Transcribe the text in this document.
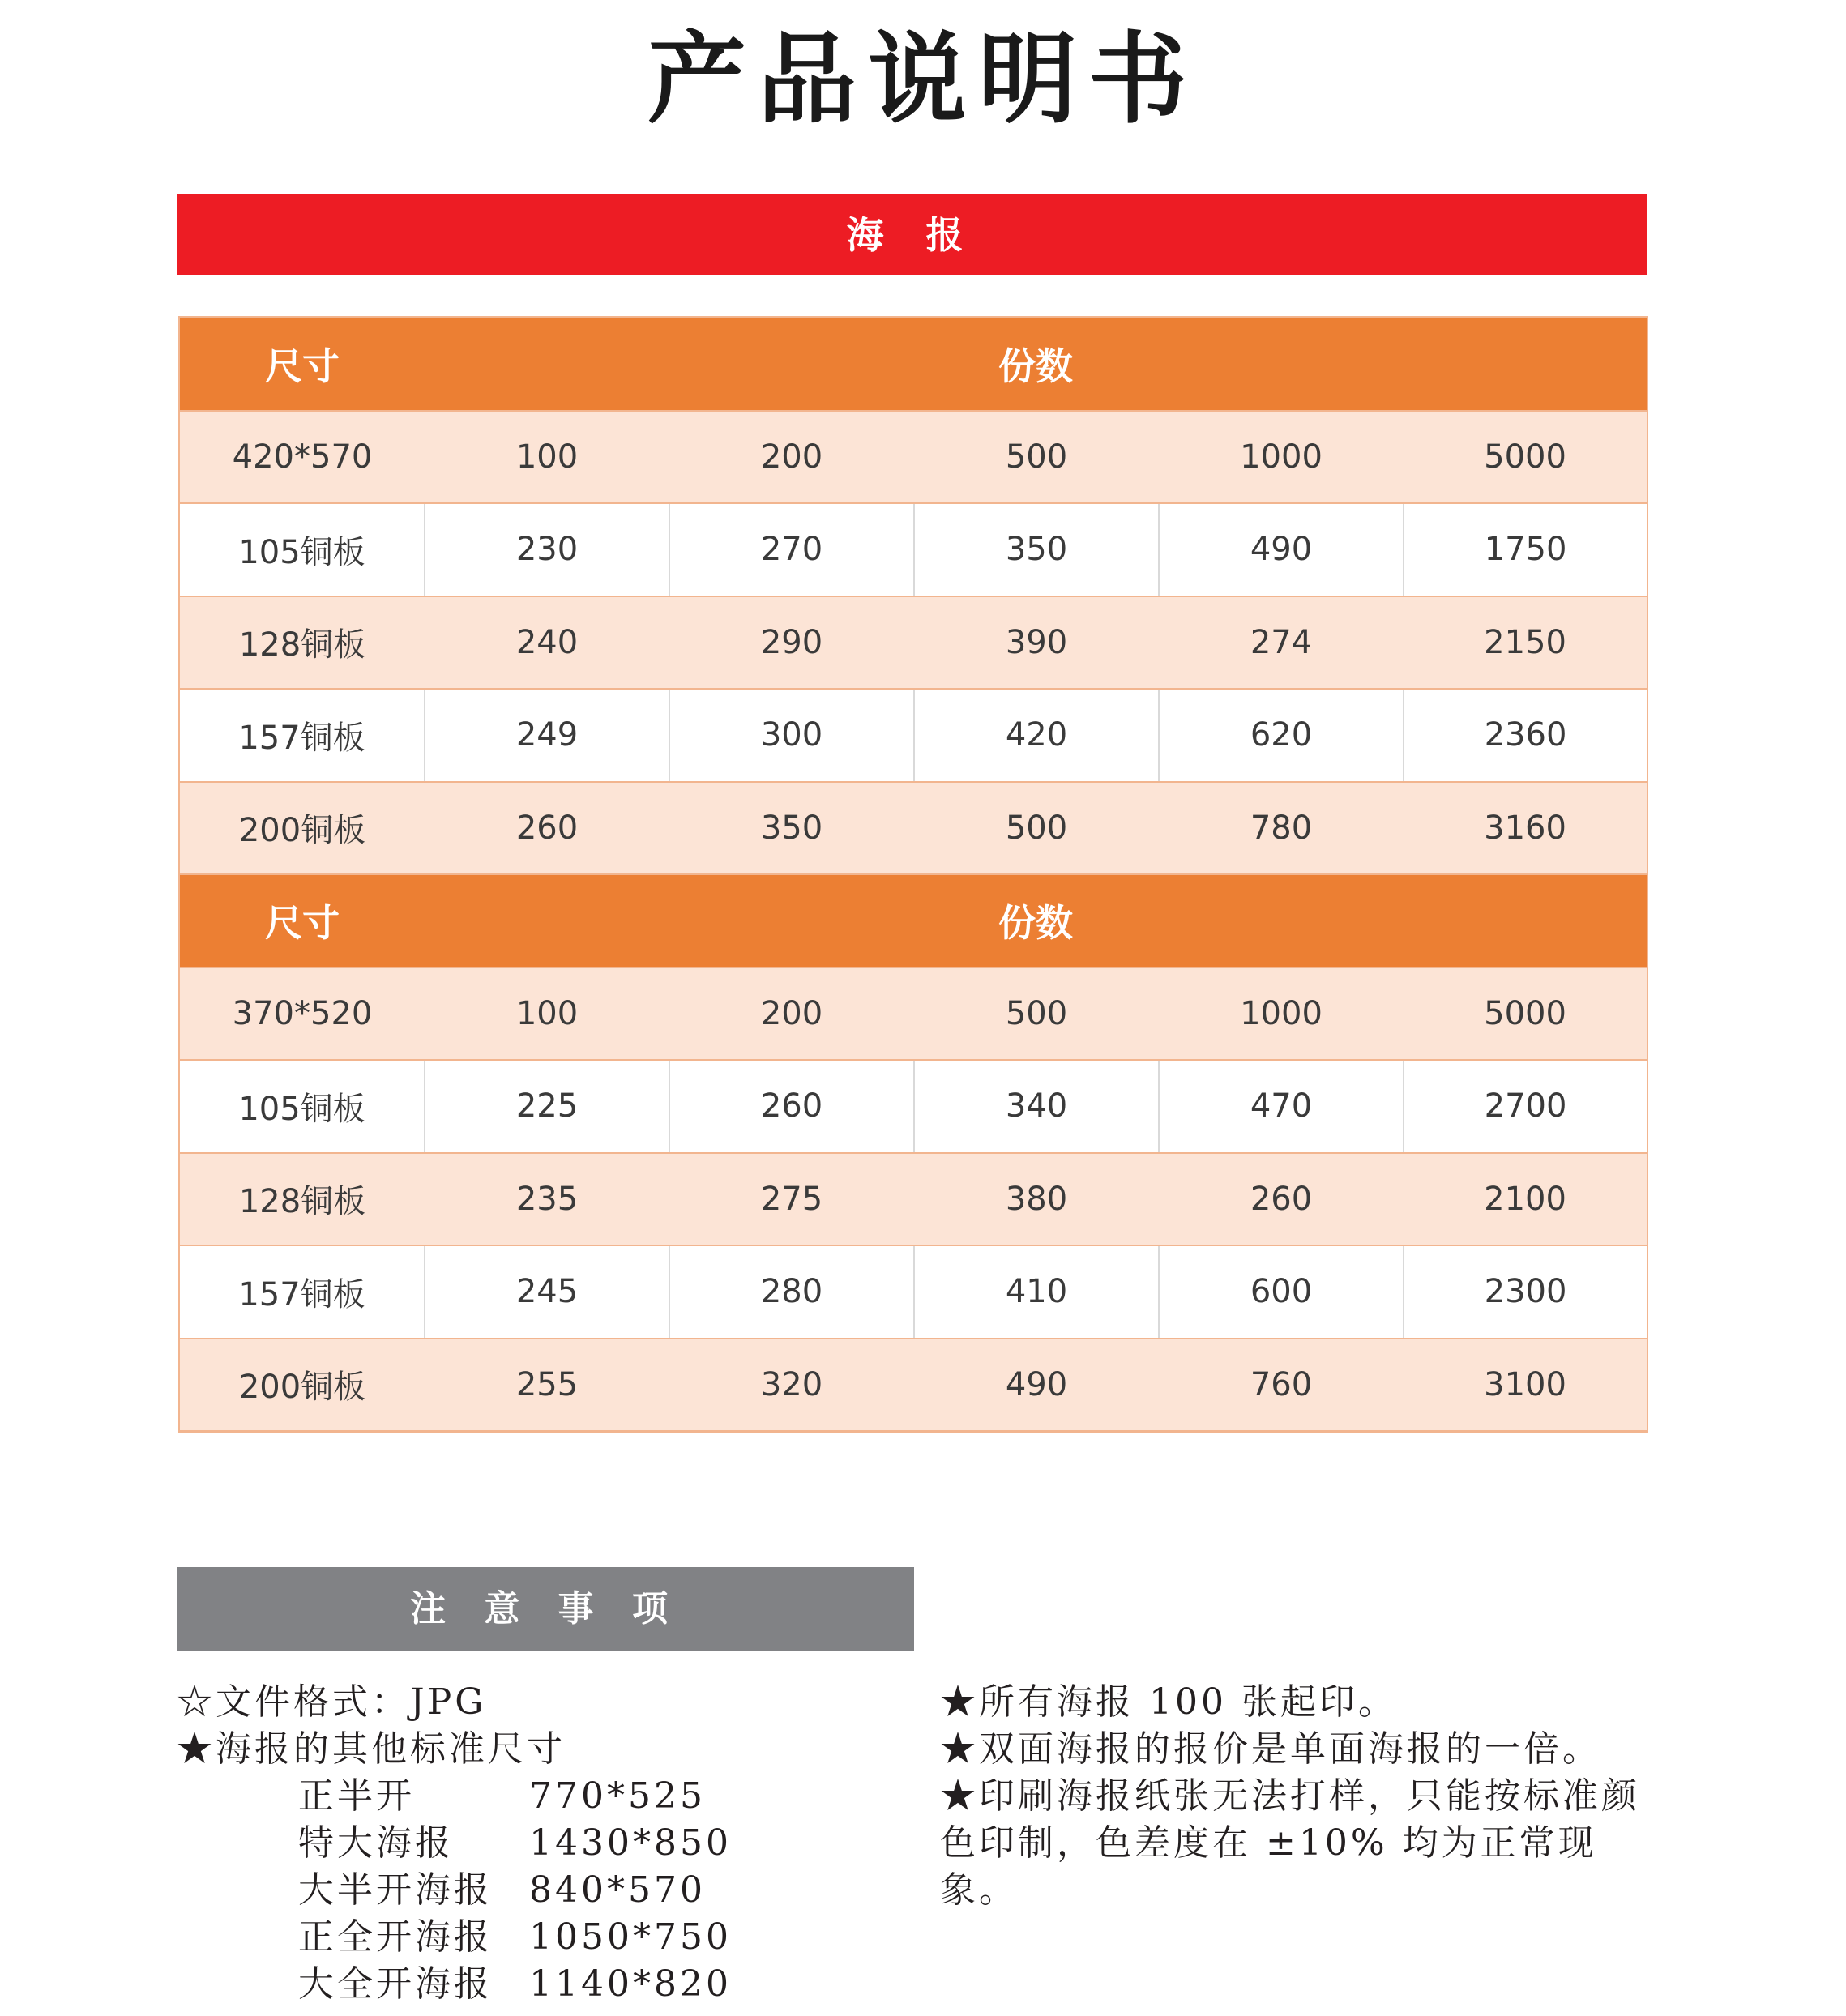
产品说明书
海 报
尺寸	份数				
420*570	100	200	500	1000	5000
105铜板	230	270	350	490	1750
128铜板	240	290	390	274	2150
157铜板	249	300	420	620	2360
200铜板	260	350	500	780	3160
尺寸	份数				
370*520	100	200	500	1000	5000
105铜板	225	260	340	470	2700
128铜板	235	275	380	260	2100
157铜板	245	280	410	600	2300
200铜板	255	320	490	760	3100
注 意 事 项
☆文件格式：JPG
★海报的其他标准尺寸
正半开	770*525
特大海报	1430*850
大半开海报	840*570
正全开海报	1050*750
大全开海报	1140*820
★所有海报 100 张起印。
★双面海报的报价是单面海报的一倍。
★印刷海报纸张无法打样，只能按标准颜色印制，色差度在 ±10% 均为正常现象。
